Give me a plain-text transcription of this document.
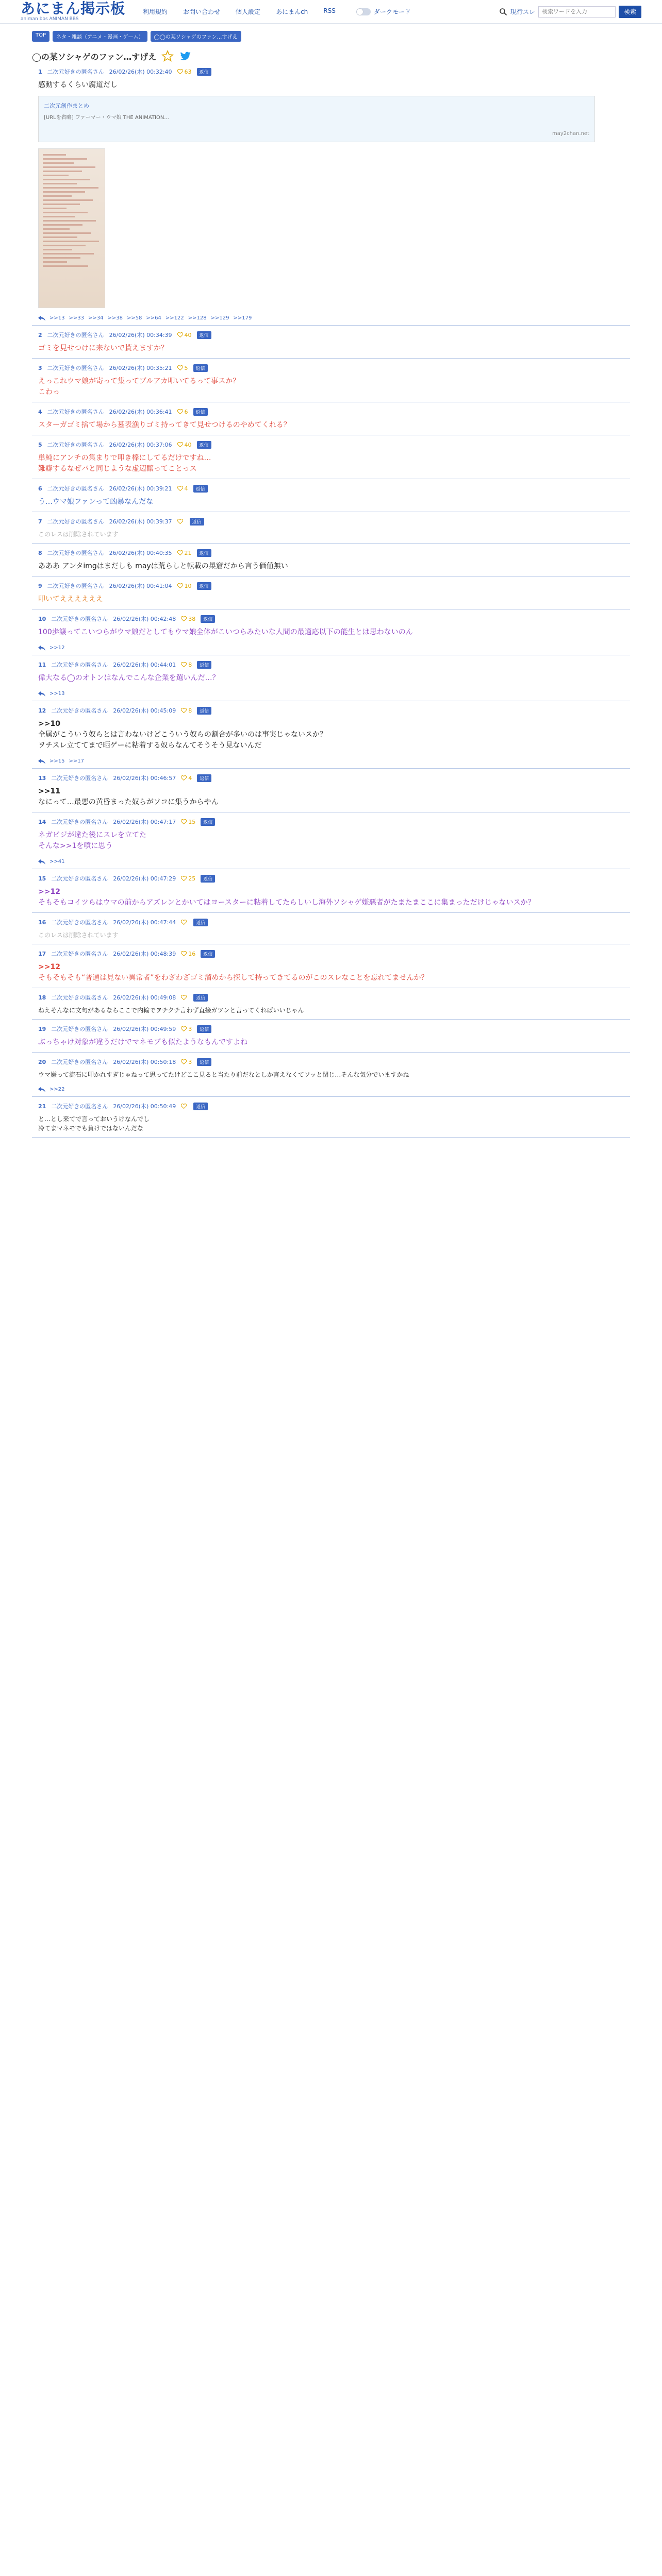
あにまん掲示板
animan bbs ANIMAN BBS
利用規約	お問い合わせ	個人設定	あにまんch	RSS	ダークモード	現行スレ
検索ワードを入力	検索
TOP	ネタ・雑談（アニメ・漫画・ゲーム）	◯◯の某ソシャゲのファン…すげえ
◯の某ソシャゲのファン…すげえ
1 二次元好きの匿名さん 26/02/26(木) 00:32:40 63	返信
感動するくらい腐道だし
二次元創作まとめ
[URLを省略] ファーマー・ウマ娘 THE ANIMATION...
may2chan.net
>>13 >>33 >>34 >>38 >>58 >>64 >>122 >>128 >>129 >>179
2 二次元好きの匿名さん 26/02/26(木) 00:34:39 40	返信
ゴミを見せつけに来ないで貰えますか？
3 二次元好きの匿名さん 26/02/26(木) 00:35:21 5	返信
えっこれウマ娘が寄って集ってブルアカ叩いてるって事スか？
こわっ
4 二次元好きの匿名さん 26/02/26(木) 00:36:41 6	返信
スターガゴミ捨て場から墓表漁りゴミ持ってきて見せつけるのやめてくれる？
5 二次元好きの匿名さん 26/02/26(木) 00:37:06 40	返信
単純にアンチの集まりで叩き棒にしてるだけですね…
難癖するなぜバと同じような虚辺醸ってことっス
6 二次元好きの匿名さん 26/02/26(木) 00:39:21 4	返信
う…ウマ娘ファンって凶暴なんだな
7 二次元好きの匿名さん 26/02/26(木) 00:39:37	返信
このレスは削除されています
8 二次元好きの匿名さん 26/02/26(木) 00:40:35 21	返信
あああ アンタimgはまだしも mayは荒らしと転載の巣窟だから言う価値無い
9 二次元好きの匿名さん 26/02/26(木) 00:41:04 10	返信
叩いてええええええ
10 二次元好きの匿名さん 26/02/26(木) 00:42:48 38	返信
100歩譲ってこいつらがウマ娘だとしてもウマ娘全体がこいつらみたいな人間の最適応以下の能生とは思わないのん
>>12
11 二次元好きの匿名さん 26/02/26(木) 00:44:01 8	返信
偉大なる◯のオトンはなんでこんな企業を選いんだ…？
>>13
12 二次元好きの匿名さん 26/02/26(木) 00:45:09 8	返信
>>10
全属がこういう奴らとは言わないけどこういう奴らの割合が多いのは事実じゃないスか？
ヲチスレ立ててまで晒ゲーに粘着する奴らなんてそうそう見ないんだ
>>15 >>17
13 二次元好きの匿名さん 26/02/26(木) 00:46:57 4	返信
>>11
なにって…最悪の黄昏まった奴らがソコに集うからやん
14 二次元好きの匿名さん 26/02/26(木) 00:47:17 15	返信
ネガビジが違た後にスレを立てた
そんな>>1を噴に思う
>>41
15 二次元好きの匿名さん 26/02/26(木) 00:47:29 25	返信
>>12
そもそもコイツらはウマの前からアズレンとかいてはヨースターに粘着してたらしいし海外ソシャゲ嫌悪者がたまたまここに集まっただけじゃないスか？
16 二次元好きの匿名さん 26/02/26(木) 00:47:44	返信
このレスは削除されています
17 二次元好きの匿名さん 26/02/26(木) 00:48:39 16	返信
>>12
そもそもそも“普通は見ない異常者”をわざわざゴミ溜めから探して持ってきてるのがこのスレなことを忘れてませんか？
18 二次元好きの匿名さん 26/02/26(木) 00:49:08	返信
ねえそんなに文句があるならここで内輪でヲチクチ言わず直接ガツンと言ってくればいいじゃん
19 二次元好きの匿名さん 26/02/26(木) 00:49:59 3	返信
ぶっちゃけ対象が違うだけでマネモブも似たようなもんですよね
20 二次元好きの匿名さん 26/02/26(木) 00:50:18 3	返信
ウマ嫌って流石に叩かれすぎじゃねって思ってたけどここ見ると当たり前だなとしか言えなくてソッと閉じ…そんな気分でいますかね
>>22
21 二次元好きの匿名さん 26/02/26(木) 00:50:49	返信
と…とし来てで言っておいうけなんでし
冷てまマネモでも負けではないんだな
